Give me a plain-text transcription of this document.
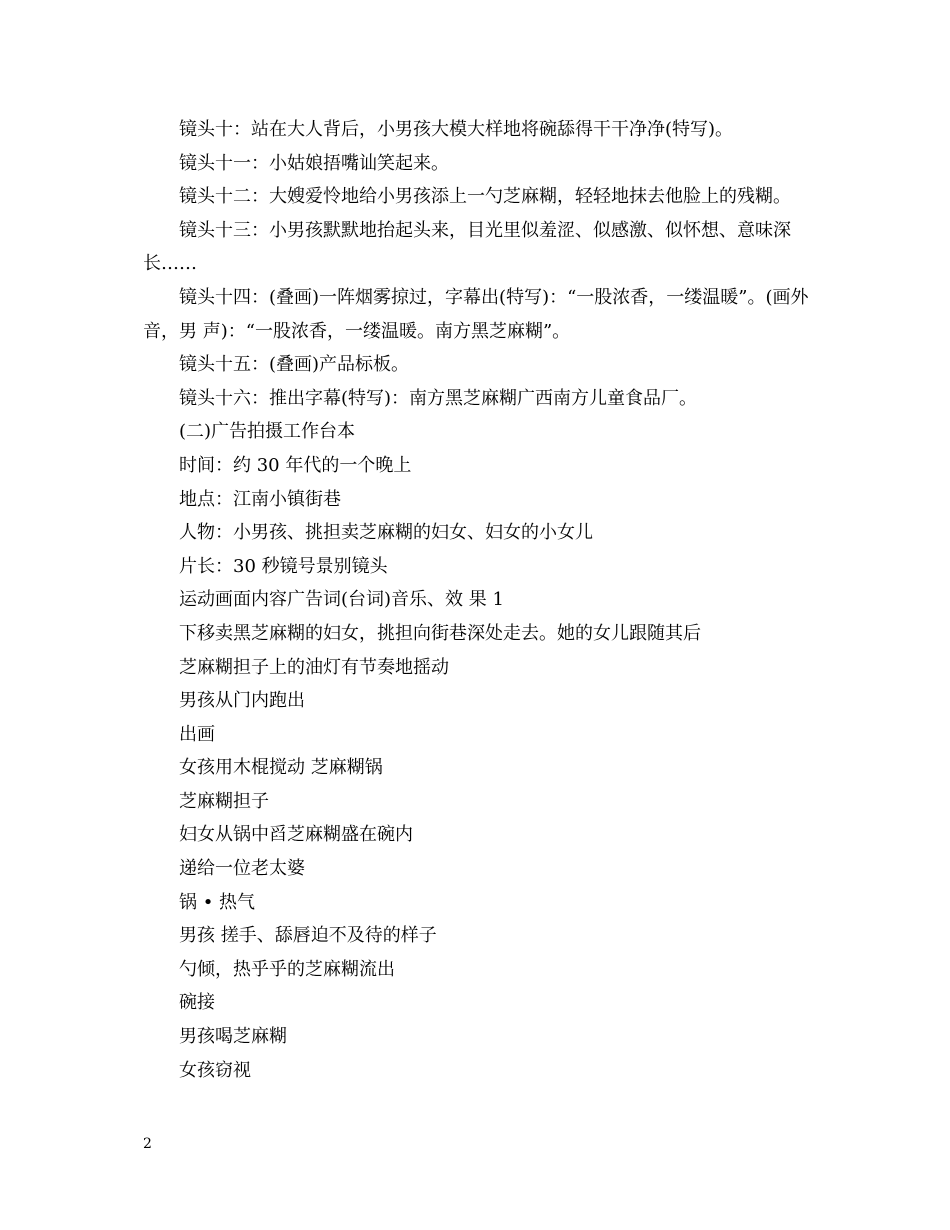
镜头十：站在大人背后，小男孩大模大样地将碗舔得干干净净(特写)。

镜头十一：小姑娘捂嘴讪笑起来。

镜头十二：大嫂爱怜地给小男孩添上一勺芝麻糊，轻轻地抹去他脸上的残糊。

镜头十三：小男孩默默地抬起头来，目光里似羞涩、似感激、似怀想、意味深长……

镜头十四：(叠画)一阵烟雾掠过，字幕出(特写)：“一股浓香，一缕温暖”。(画外音，男 声)：“一股浓香，一缕温暖。南方黑芝麻糊”。

镜头十五：(叠画)产品标板。

镜头十六：推出字幕(特写)：南方黑芝麻糊广西南方儿童食品厂。

(二)广告拍摄工作台本

时间：约 30 年代的一个晚上

地点：江南小镇街巷

人物：小男孩、挑担卖芝麻糊的妇女、妇女的小女儿

片长：30 秒镜号景别镜头

运动画面内容广告词(台词)音乐、效 果 1

下移卖黑芝麻糊的妇女，挑担向街巷深处走去。她的女儿跟随其后

芝麻糊担子上的油灯有节奏地摇动

男孩从门内跑出

出画

女孩用木棍搅动 芝麻糊锅

芝麻糊担子

妇女从锅中舀芝麻糊盛在碗内

递给一位老太婆

锅 • 热气

男孩 搓手、舔唇迫不及待的样子

勺倾，热乎乎的芝麻糊流出

碗接

男孩喝芝麻糊

女孩窃视

2
